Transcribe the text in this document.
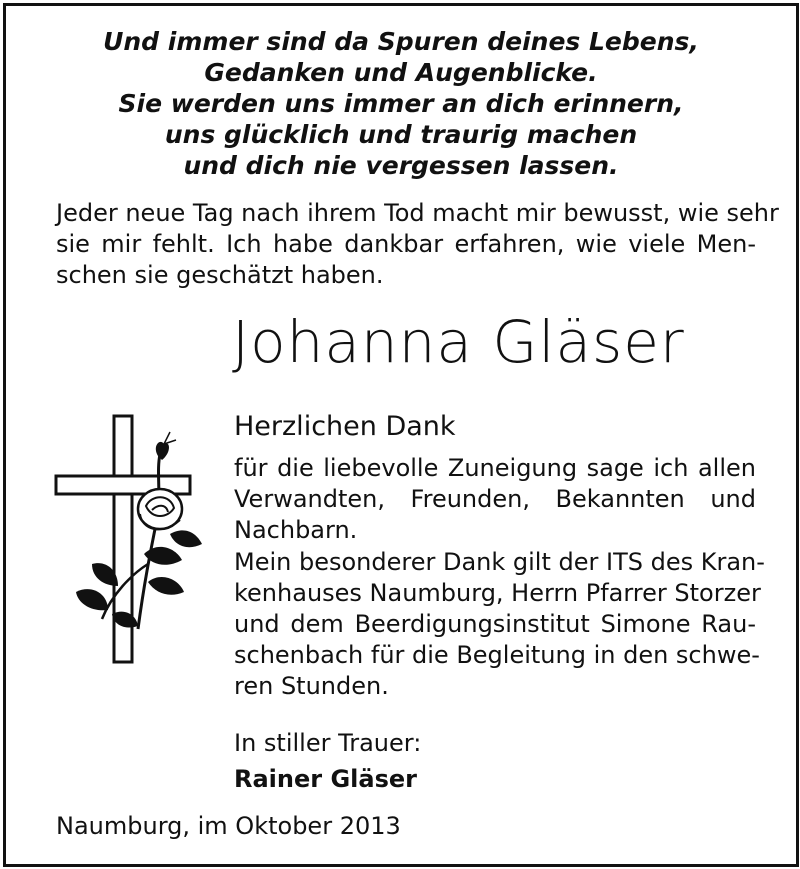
Und immer sind da Spuren deines Lebens,
Gedanken und Augenblicke.
Sie werden uns immer an dich erinnern,
uns glücklich und traurig machen
und dich nie vergessen lassen.
Jeder neue Tag nach ihrem Tod macht mir bewusst, wie sehr
sie mir fehlt. Ich habe dankbar erfahren, wie viele Men-
schen sie geschätzt haben.
Johanna Gläser
Herzlichen Dank
für die liebevolle Zuneigung sage ich allen
Verwandten, Freunden, Bekannten und
Nachbarn.
Mein besonderer Dank gilt der ITS des Kran-
kenhauses Naumburg, Herrn Pfarrer Storzer
und dem Beerdigungsinstitut Simone Rau-
schenbach für die Begleitung in den schwe-
ren Stunden.
In stiller Trauer:
Rainer Gläser
Naumburg, im Oktober 2013
